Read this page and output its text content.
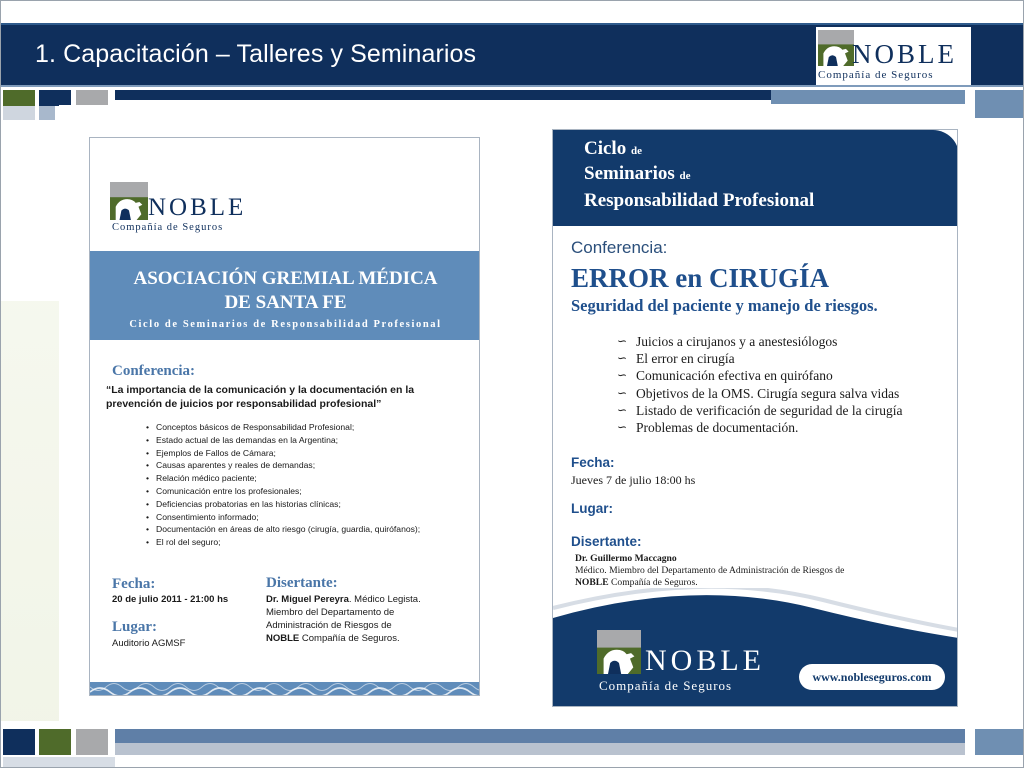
1. Capacitación – Talleres y Seminarios	NOBLE
Compañía de Seguros
NOBLE
Compañía de Seguros
ASOCIACIÓN GREMIAL MÉDICA
DE SANTA FE
Ciclo de Seminarios de Responsabilidad Profesional
Conferencia:
“La importancia de la comunicación y la documentación en la prevención de juicios por responsabilidad profesional”
• Conceptos básicos de Responsabilidad Profesional;
• Estado actual de las demandas en la Argentina;
• Ejemplos de Fallos de Cámara;
• Causas aparentes y reales de demandas;
• Relación médico paciente;
• Comunicación entre los profesionales;
• Deficiencias probatorias en las historias clínicas;
• Consentimiento informado;
• Documentación en áreas de alto riesgo (cirugía, guardia, quirófanos);
• El rol del seguro;
Fecha:
20 de julio 2011 - 21:00 hs
Lugar:
Auditorio AGMSF
Disertante:
Dr. Miguel Pereyra. Médico Legista.
Miembro del Departamento de
Administración de Riesgos de
NOBLE Compañía de Seguros.
Ciclo de
Seminarios de
Responsabilidad Profesional
Conferencia:
ERROR en CIRUGÍA
Seguridad del paciente y manejo de riesgos.
∽ Juicios a cirujanos y a anestesiólogos
∽ El error en cirugía
∽ Comunicación efectiva en quirófano
∽ Objetivos de la OMS. Cirugía segura salva vidas
∽ Listado de verificación de seguridad de la cirugía
∽ Problemas de documentación.
Fecha:
Jueves 7 de julio 18:00 hs
Lugar:
Disertante:
Dr. Guillermo Maccagno
Médico. Miembro del Departamento de Administración de Riesgos de
NOBLE Compañía de Seguros.
NOBLE
Compañía de Seguros
www.nobleseguros.com
